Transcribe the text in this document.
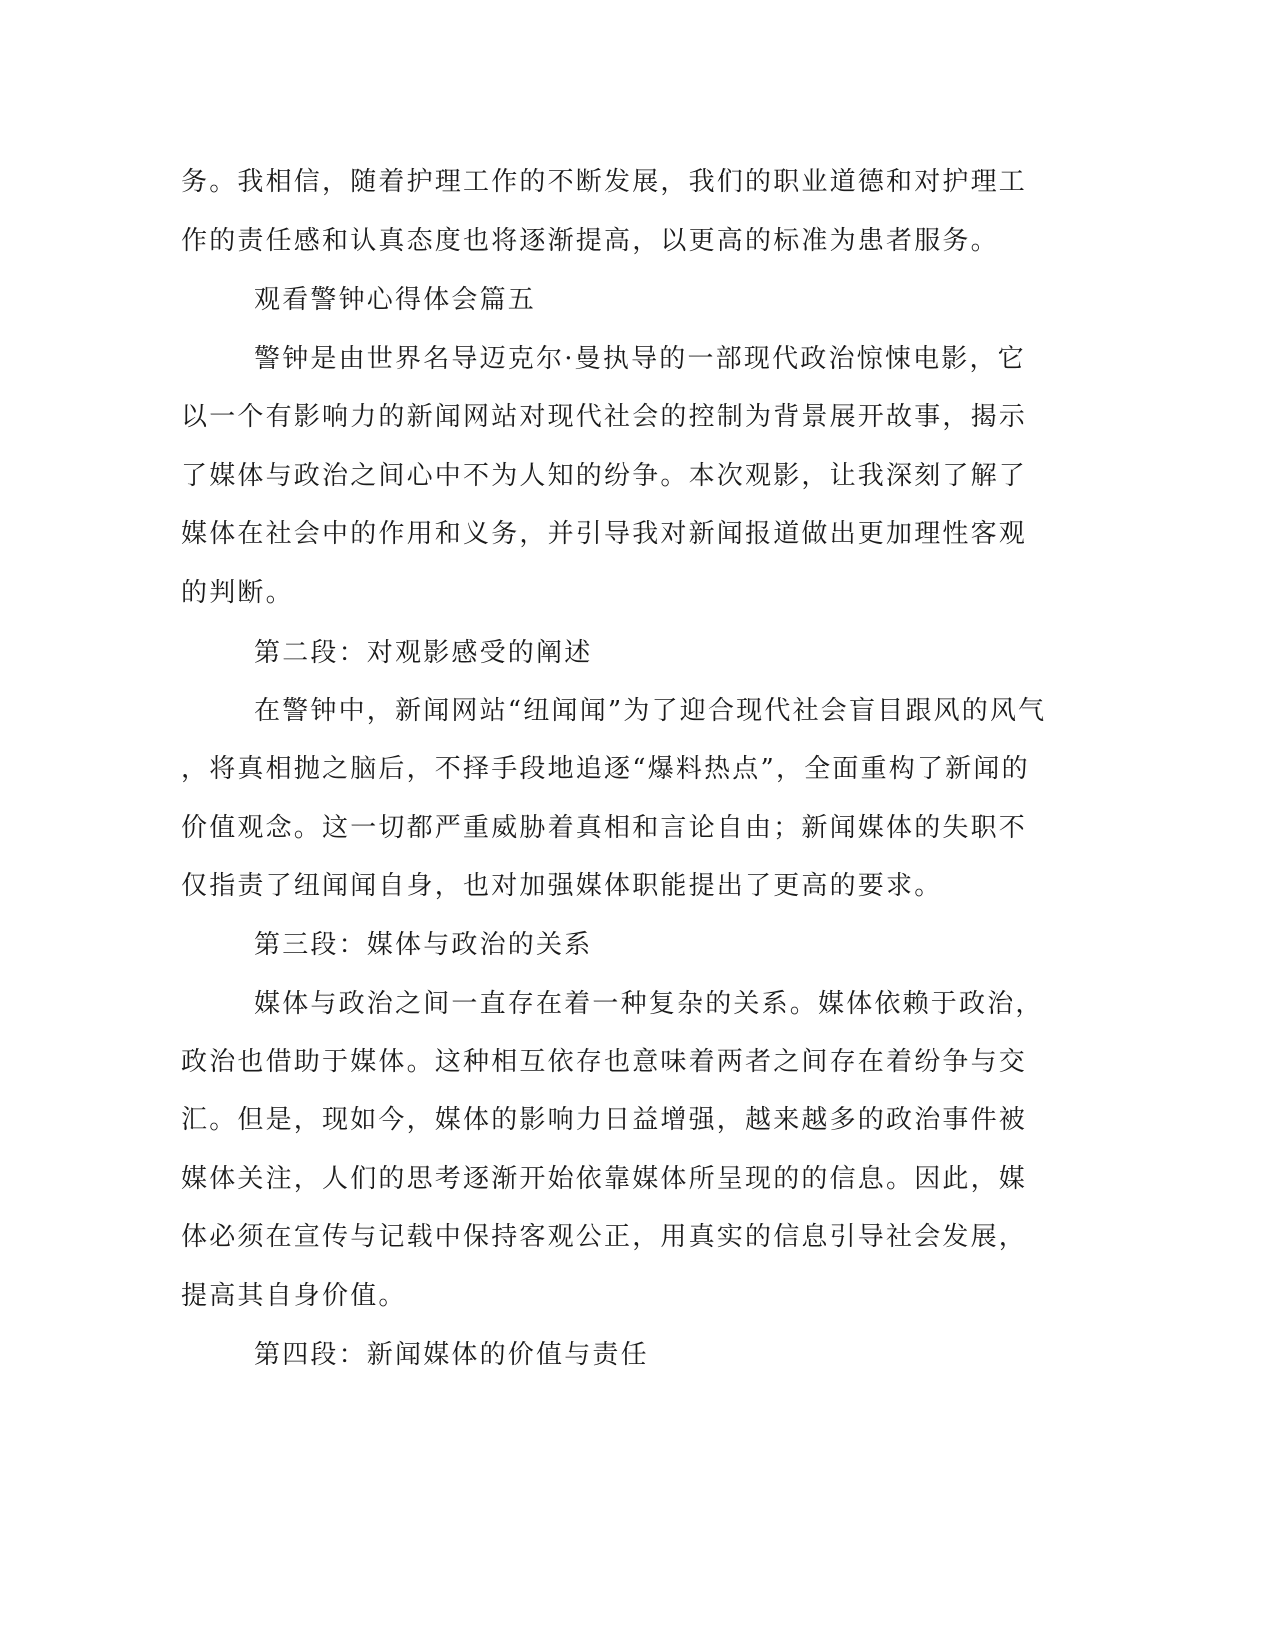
务。我相信，随着护理工作的不断发展，我们的职业道德和对护理工
作的责任感和认真态度也将逐渐提高，以更高的标准为患者服务。
观看警钟心得体会篇五
警钟是由世界名导迈克尔·曼执导的一部现代政治惊悚电影，它
以一个有影响力的新闻网站对现代社会的控制为背景展开故事，揭示
了媒体与政治之间心中不为人知的纷争。本次观影，让我深刻了解了
媒体在社会中的作用和义务，并引导我对新闻报道做出更加理性客观
的判断。
第二段：对观影感受的阐述
在警钟中，新闻网站“纽闻闻”为了迎合现代社会盲目跟风的风气
，将真相抛之脑后，不择手段地追逐“爆料热点”，全面重构了新闻的
价值观念。这一切都严重威胁着真相和言论自由；新闻媒体的失职不
仅指责了纽闻闻自身，也对加强媒体职能提出了更高的要求。
第三段：媒体与政治的关系
媒体与政治之间一直存在着一种复杂的关系。媒体依赖于政治，
政治也借助于媒体。这种相互依存也意味着两者之间存在着纷争与交
汇。但是，现如今，媒体的影响力日益增强，越来越多的政治事件被
媒体关注，人们的思考逐渐开始依靠媒体所呈现的的信息。因此，媒
体必须在宣传与记载中保持客观公正，用真实的信息引导社会发展，
提高其自身价值。
第四段：新闻媒体的价值与责任
